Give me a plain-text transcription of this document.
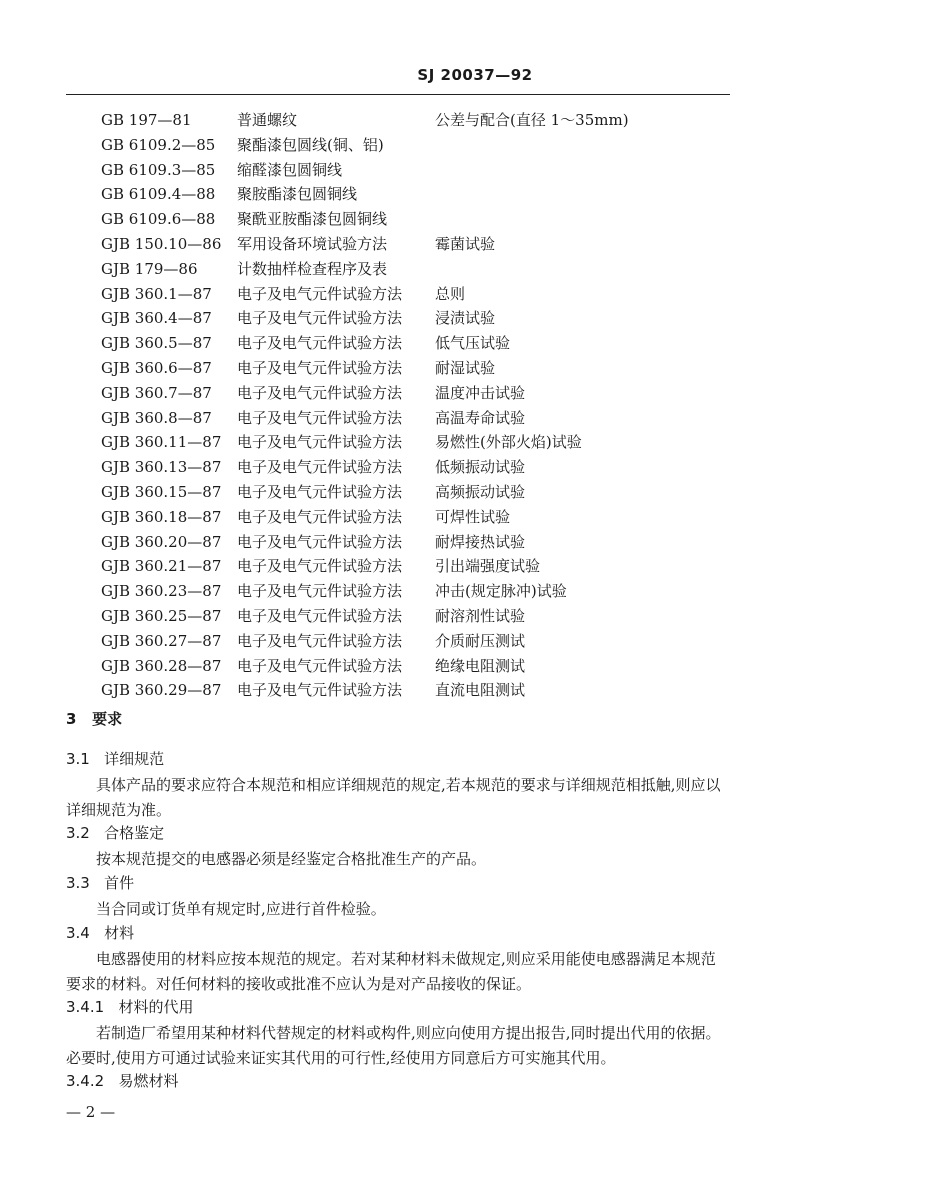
SJ 20037—92
GB 197—81	普通螺纹	公差与配合(直径 1～35mm)
GB 6109.2—85 聚酯漆包圆线(铜、铝)
GB 6109.3—85 缩醛漆包圆铜线
GB 6109.4—88 聚胺酯漆包圆铜线
GB 6109.6—88 聚酰亚胺酯漆包圆铜线
GJB 150.10—86 军用设备环境试验方法	霉菌试验
GJB 179—86	计数抽样检查程序及表
GJB 360.1—87 电子及电气元件试验方法 总则
GJB 360.4—87 电子及电气元件试验方法 浸渍试验
GJB 360.5—87 电子及电气元件试验方法 低气压试验
GJB 360.6—87 电子及电气元件试验方法 耐湿试验
GJB 360.7—87 电子及电气元件试验方法 温度冲击试验
GJB 360.8—87 电子及电气元件试验方法 高温寿命试验
GJB 360.11—87 电子及电气元件试验方法 易燃性(外部火焰)试验
GJB 360.13—87 电子及电气元件试验方法 低频振动试验
GJB 360.15—87 电子及电气元件试验方法 高频振动试验
GJB 360.18—87 电子及电气元件试验方法 可焊性试验
GJB 360.20—87 电子及电气元件试验方法 耐焊接热试验
GJB 360.21—87 电子及电气元件试验方法 引出端强度试验
GJB 360.23—87 电子及电气元件试验方法 冲击(规定脉冲)试验
GJB 360.25—87 电子及电气元件试验方法 耐溶剂性试验
GJB 360.27—87 电子及电气元件试验方法 介质耐压测试
GJB 360.28—87 电子及电气元件试验方法 绝缘电阻测试
GJB 360.29—87 电子及电气元件试验方法 直流电阻测试
3 要求
3.1 详细规范
具体产品的要求应符合本规范和相应详细规范的规定,若本规范的要求与详细规范相抵触,则应以详细规范为准。
3.2 合格鉴定
按本规范提交的电感器必须是经鉴定合格批准生产的产品。
3.3 首件
当合同或订货单有规定时,应进行首件检验。
3.4 材料
电感器使用的材料应按本规范的规定。若对某种材料未做规定,则应采用能使电感器满足本规范要求的材料。对任何材料的接收或批准不应认为是对产品接收的保证。
3.4.1 材料的代用
若制造厂希望用某种材料代替规定的材料或构件,则应向使用方提出报告,同时提出代用的依据。必要时,使用方可通过试验来证实其代用的可行性,经使用方同意后方可实施其代用。
3.4.2 易燃材料
— 2 —
